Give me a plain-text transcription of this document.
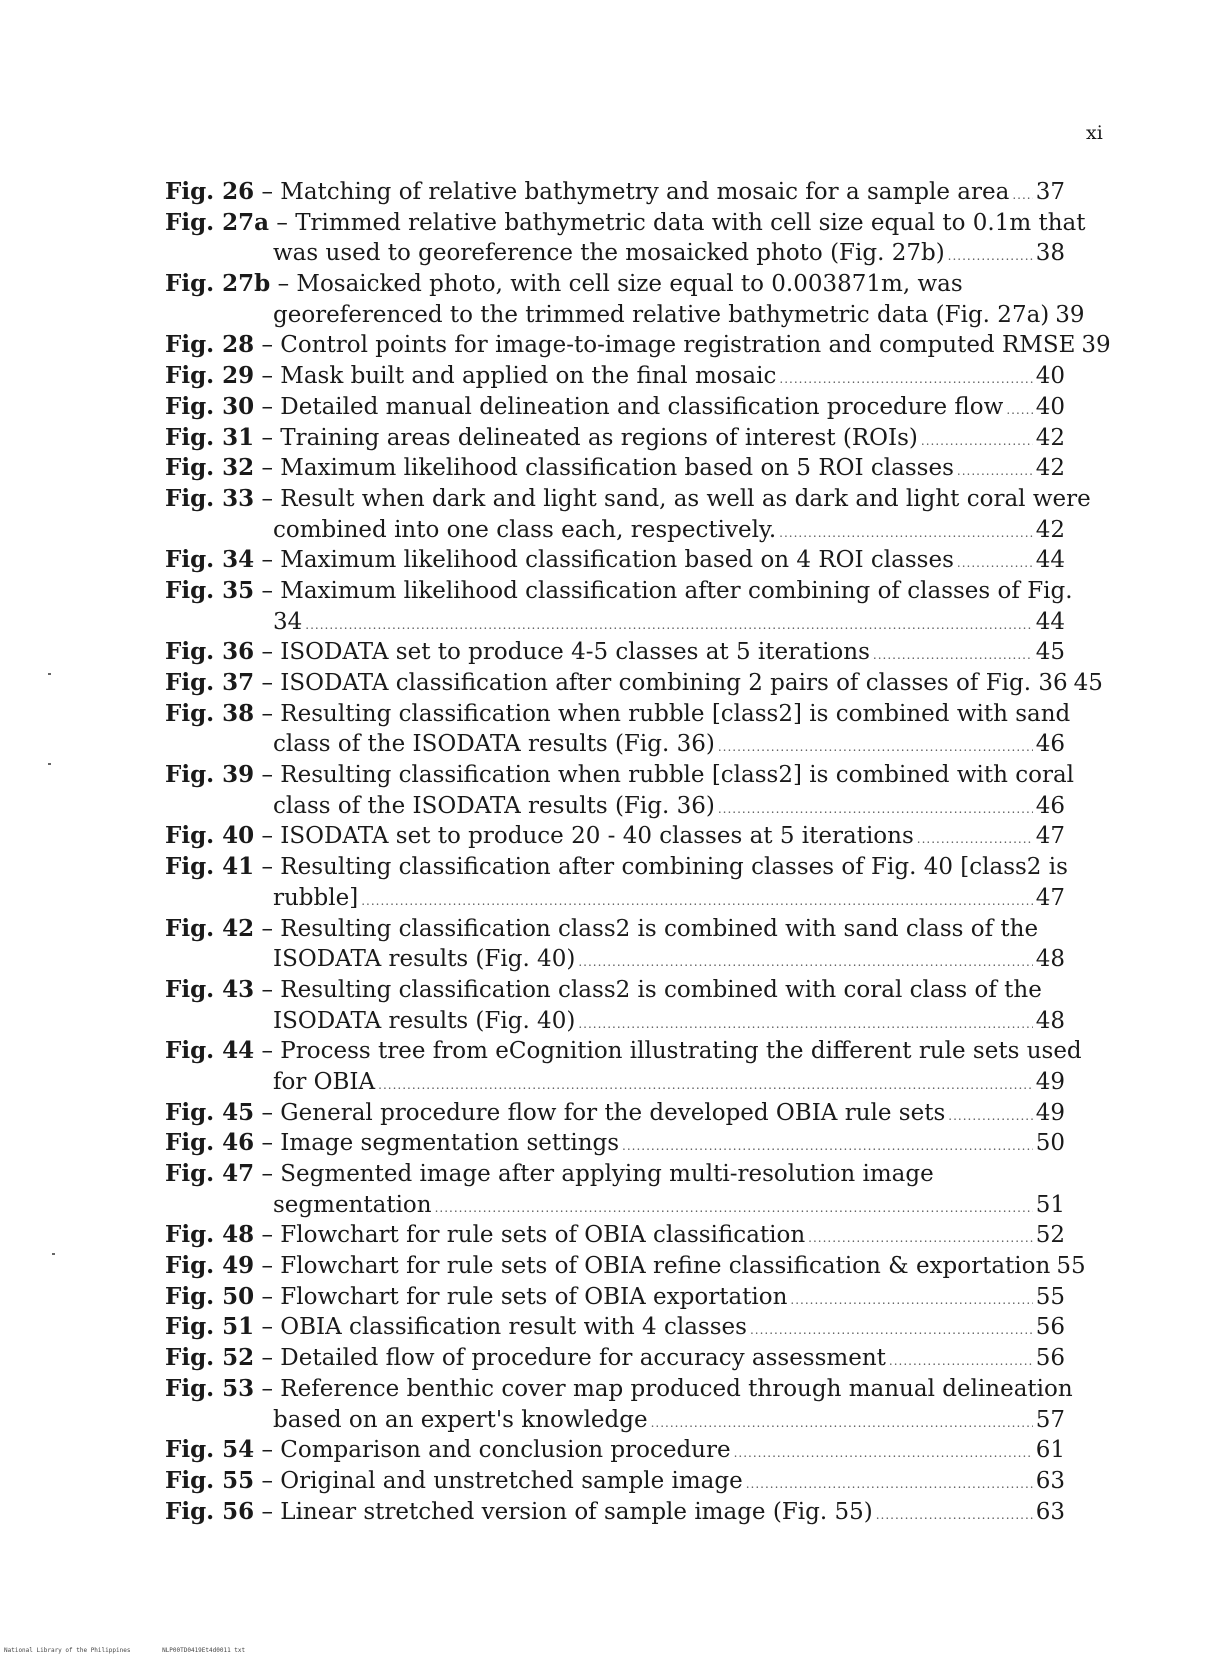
xi
Fig. 26 – Matching of relative bathymetry and mosaic for a sample area ..... 37
Fig. 27a – Trimmed relative bathymetric data with cell size equal to 0.1m that
was used to georeference the mosaicked photo (Fig. 27b) .....	38
Fig. 27b – Mosaicked photo, with cell size equal to 0.003871m, was
georeferenced to the trimmed relative bathymetric data (Fig. 27a) 39
Fig. 28 – Control points for image-to-image registration and computed RMSE 39
Fig. 29 – Mask built and applied on the final mosaic .....	40
Fig. 30 – Detailed manual delineation and classification procedure flow ..... 40
Fig. 31 – Training areas delineated as regions of interest (ROIs) .....	42
Fig. 32 – Maximum likelihood classification based on 5 ROI classes .....	42
Fig. 33 – Result when dark and light sand, as well as dark and light coral were
combined into one class each, respectively. .....	42
Fig. 34 – Maximum likelihood classification based on 4 ROI classes .....	44
Fig. 35 – Maximum likelihood classification after combining of classes of Fig.
34 .....	44
Fig. 36 – ISODATA set to produce 4-5 classes at 5 iterations .....	45
Fig. 37 – ISODATA classification after combining 2 pairs of classes of Fig. 36 45
Fig. 38 – Resulting classification when rubble [class2] is combined with sand
class of the ISODATA results (Fig. 36) .....	46
Fig. 39 – Resulting classification when rubble [class2] is combined with coral
class of the ISODATA results (Fig. 36) .....	46
Fig. 40 – ISODATA set to produce 20 - 40 classes at 5 iterations .....	47
Fig. 41 – Resulting classification after combining classes of Fig. 40 [class2 is
rubble] .....	47
Fig. 42 – Resulting classification class2 is combined with sand class of the
ISODATA results (Fig. 40) .....	48
Fig. 43 – Resulting classification class2 is combined with coral class of the
ISODATA results (Fig. 40) .....	48
Fig. 44 – Process tree from eCognition illustrating the different rule sets used
for OBIA .....	49
Fig. 45 – General procedure flow for the developed OBIA rule sets .....	49
Fig. 46 – Image segmentation settings .....	50
Fig. 47 – Segmented image after applying multi-resolution image
segmentation .....	51
Fig. 48 – Flowchart for rule sets of OBIA classification .....	52
Fig. 49 – Flowchart for rule sets of OBIA refine classification & exportation 55
Fig. 50 – Flowchart for rule sets of OBIA exportation .....	55
Fig. 51 – OBIA classification result with 4 classes .....	56
Fig. 52 – Detailed flow of procedure for accuracy assessment .....	56
Fig. 53 – Reference benthic cover map produced through manual delineation
based on an expert's knowledge .....	57
Fig. 54 – Comparison and conclusion procedure .....	61
Fig. 55 – Original and unstretched sample image .....	63
Fig. 56 – Linear stretched version of sample image (Fig. 55) .....	63
National Library of the Philippines	NLP00TD0419Et4d0011 txt
